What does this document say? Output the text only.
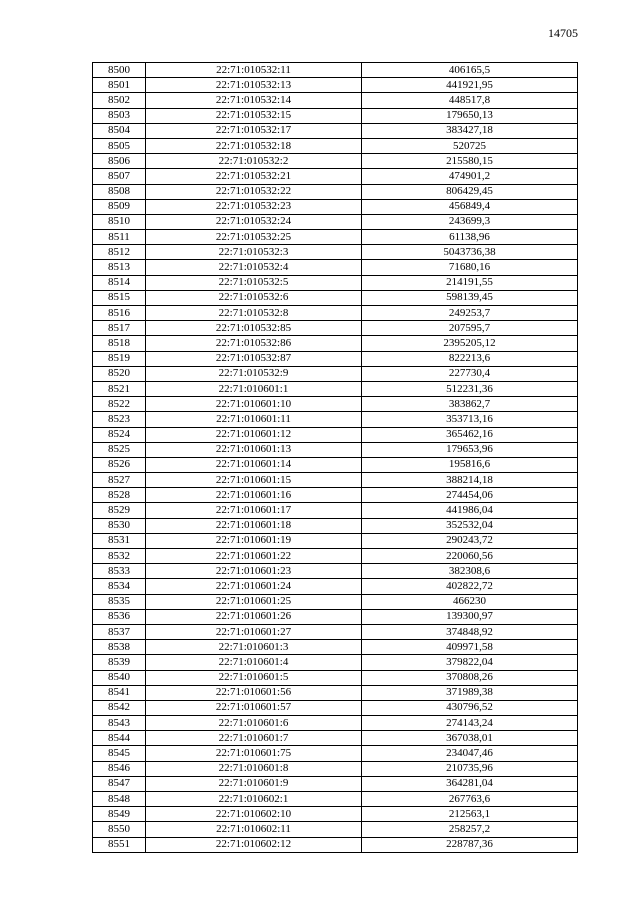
14705
8500	22:71:010532:11	406165,5
8501	22:71:010532:13	441921,95
8502	22:71:010532:14	448517,8
8503	22:71:010532:15	179650,13
8504	22:71:010532:17	383427,18
8505	22:71:010532:18	520725
8506	22:71:010532:2	215580,15
8507	22:71:010532:21	474901,2
8508	22:71:010532:22	806429,45
8509	22:71:010532:23	456849,4
8510	22:71:010532:24	243699,3
8511	22:71:010532:25	61138,96
8512	22:71:010532:3	5043736,38
8513	22:71:010532:4	71680,16
8514	22:71:010532:5	214191,55
8515	22:71:010532:6	598139,45
8516	22:71:010532:8	249253,7
8517	22:71:010532:85	207595,7
8518	22:71:010532:86	2395205,12
8519	22:71:010532:87	822213,6
8520	22:71:010532:9	227730,4
8521	22:71:010601:1	512231,36
8522	22:71:010601:10	383862,7
8523	22:71:010601:11	353713,16
8524	22:71:010601:12	365462,16
8525	22:71:010601:13	179653,96
8526	22:71:010601:14	195816,6
8527	22:71:010601:15	388214,18
8528	22:71:010601:16	274454,06
8529	22:71:010601:17	441986,04
8530	22:71:010601:18	352532,04
8531	22:71:010601:19	290243,72
8532	22:71:010601:22	220060,56
8533	22:71:010601:23	382308,6
8534	22:71:010601:24	402822,72
8535	22:71:010601:25	466230
8536	22:71:010601:26	139300,97
8537	22:71:010601:27	374848,92
8538	22:71:010601:3	409971,58
8539	22:71:010601:4	379822,04
8540	22:71:010601:5	370808,26
8541	22:71:010601:56	371989,38
8542	22:71:010601:57	430796,52
8543	22:71:010601:6	274143,24
8544	22:71:010601:7	367038,01
8545	22:71:010601:75	234047,46
8546	22:71:010601:8	210735,96
8547	22:71:010601:9	364281,04
8548	22:71:010602:1	267763,6
8549	22:71:010602:10	212563,1
8550	22:71:010602:11	258257,2
8551	22:71:010602:12	228787,36
